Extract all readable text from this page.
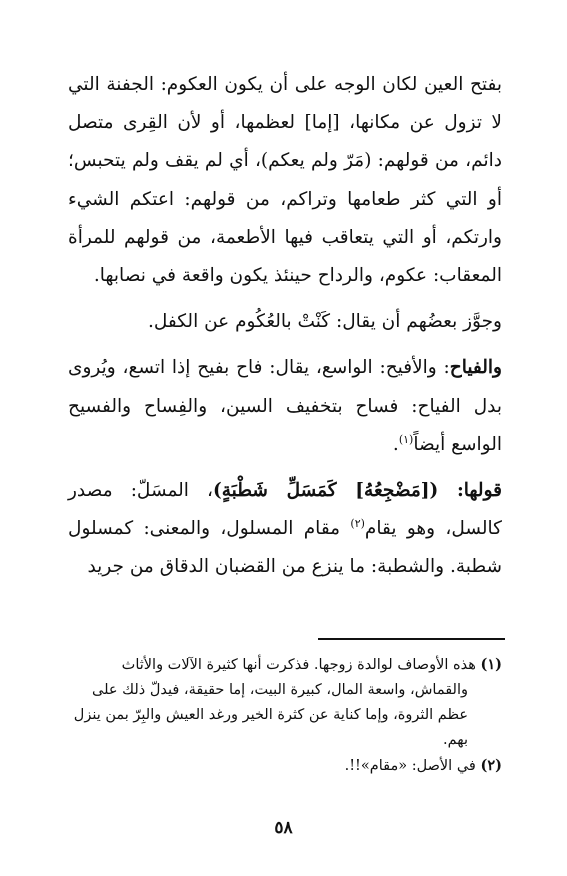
بفتح العين لكان الوجه على أن يكون العكوم: الجفنة التي لا تزول عن مكانها، [إما] لعظمها، أو لأن القِرى متصل دائم، من قولهم: (مَرّ ولم يعكم)، أي لم يقف ولم يتحبس؛ أو التي كثر طعامها وتراكم، من قولهم: اعتكم الشيء وارتكم، أو التي يتعاقب فيها الأطعمة، من قولهم للمرأة المعقاب: عكوم، والرداح حينئذ يكون واقعة في نصابها.

وجوَّز بعضُهم أن يقال: كَنْتْ بالعُكُوم عن الكفل.

والفياح: والأفيح: الواسع، يقال: فاح بفيح إذا اتسع، ويُروى بدل الفياح: فساح بتخفيف السين، والفِساح والفسيح الواسع أيضاً$^{(١)}$.

قولها: ([مَضْجِعُهُ] كَمَسَلِّ شَطْبَةٍ)، المسَلّ: مصدر كالسل، وهو يقام$^{(٢)}$ مقام المسلول، والمعنى: كمسلول شطبة. والشطبة: ما ينزع من القضبان الدقاق من جريد

(١) هذه الأوصاف لوالدة زوجها. فذكرت أنها كثيرة الآلات والأثاث

والقماش، واسعة المال، كبيرة البيت، إما حقيقة، فيدلّ ذلك على عظم الثروة، وإما كناية عن كثرة الخير ورغد العيش والبِرّ بمن ينزل بهم.

(٢) في الأصل: «مقام»!!.

٥٨
